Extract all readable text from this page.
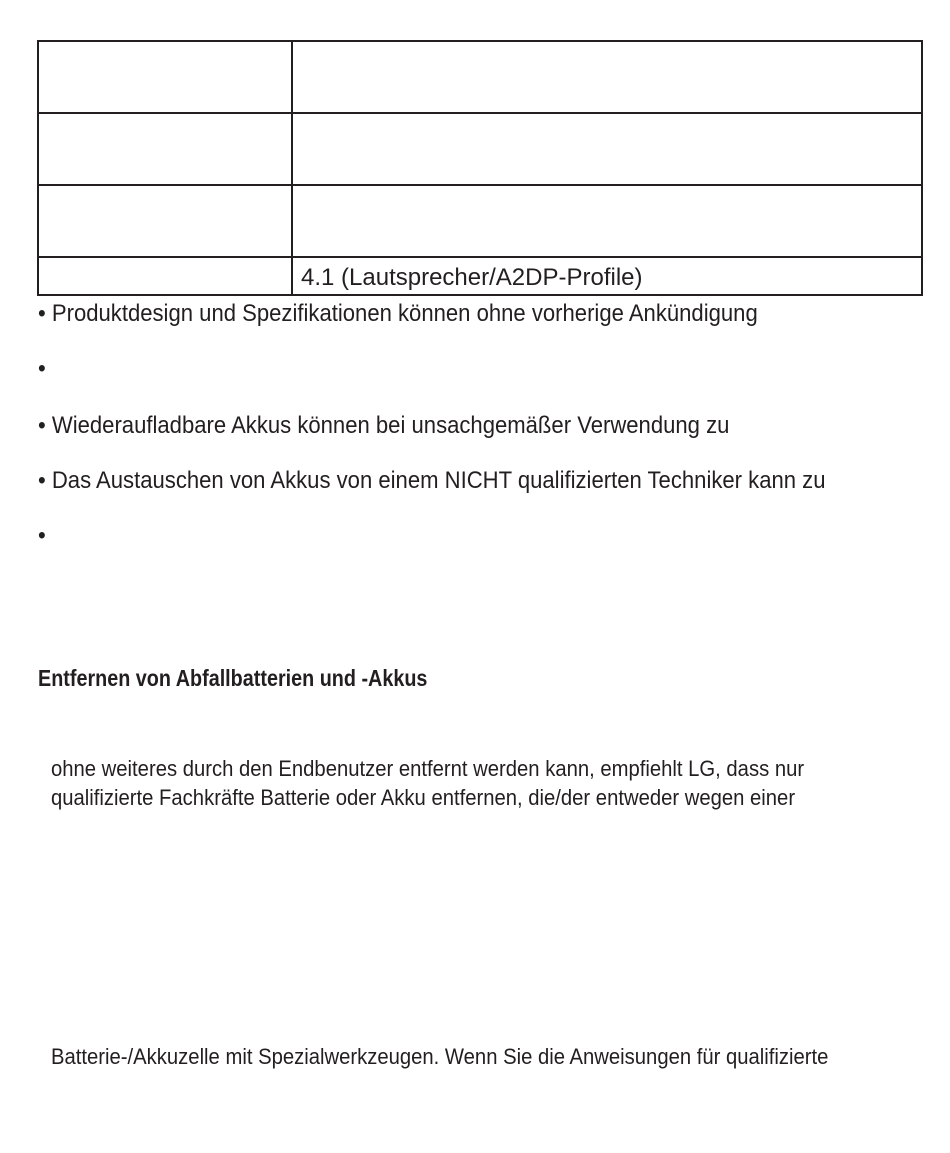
	4.1 (Lautsprecher/A2DP-Profile)
• Produktdesign und Spezifikationen können ohne vorherige Ankündigung
•
• Wiederaufladbare Akkus können bei unsachgemäßer Verwendung zu
• Das Austauschen von Akkus von einem NICHT qualifizierten Techniker kann zu
•
Entfernen von Abfallbatterien und -Akkus
ohne weiteres durch den Endbenutzer entfernt werden kann, empfiehlt LG, dass nur
qualifizierte Fachkräfte Batterie oder Akku entfernen, die/der entweder wegen einer
Batterie-/Akkuzelle mit Spezialwerkzeugen. Wenn Sie die Anweisungen für qualifizierte
